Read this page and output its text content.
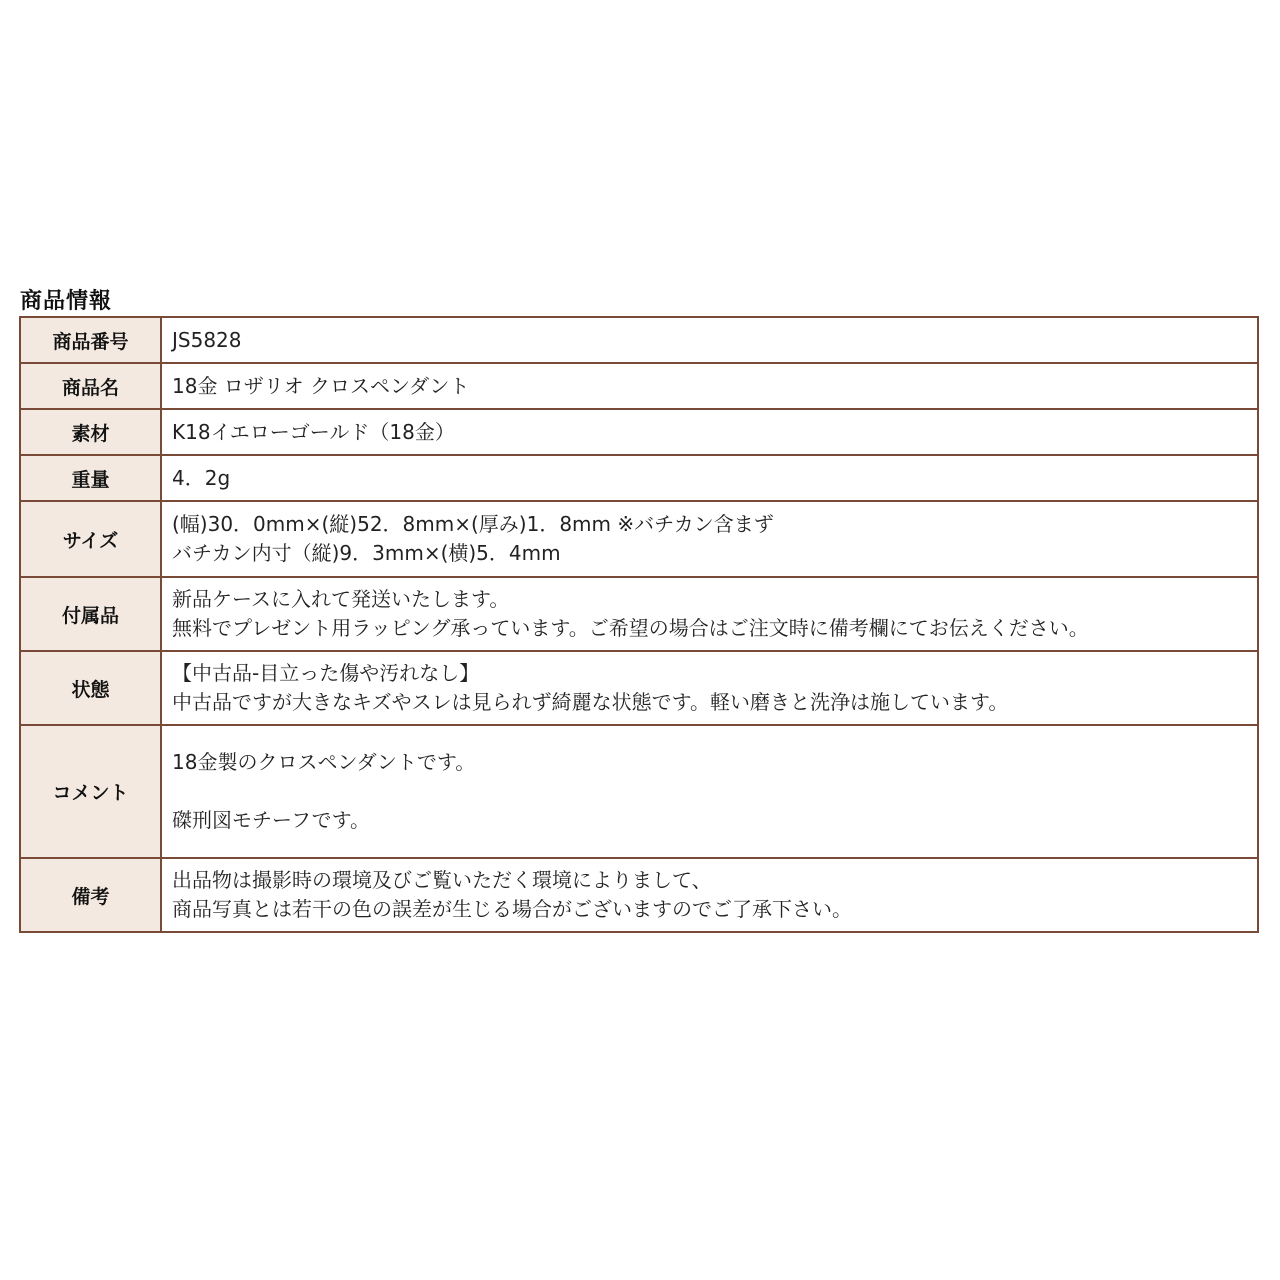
商品情報
商品番号	JS5828
商品名	18金 ロザリオ クロスペンダント
素材	K18イエローゴールド（18金）
重量	4．2g
サイズ	(幅)30．0mm×(縦)52．8mm×(厚み)1．8mm ※バチカン含まず
バチカン内寸（縦)9．3mm×(横)5．4mm

付属品	新品ケースに入れて発送いたします。
無料でプレゼント用ラッピング承っています。ご希望の場合はご注文時に備考欄にてお伝えください。

状態	【中古品-目立った傷や汚れなし】
中古品ですが大きなキズやスレは見られず綺麗な状態です。軽い磨きと洗浄は施しています。

コメント	18金製のクロスペンダントです。
磔刑図モチーフです。

備考	出品物は撮影時の環境及びご覧いただく環境によりまして、
商品写真とは若干の色の誤差が生じる場合がございますのでご了承下さい。
